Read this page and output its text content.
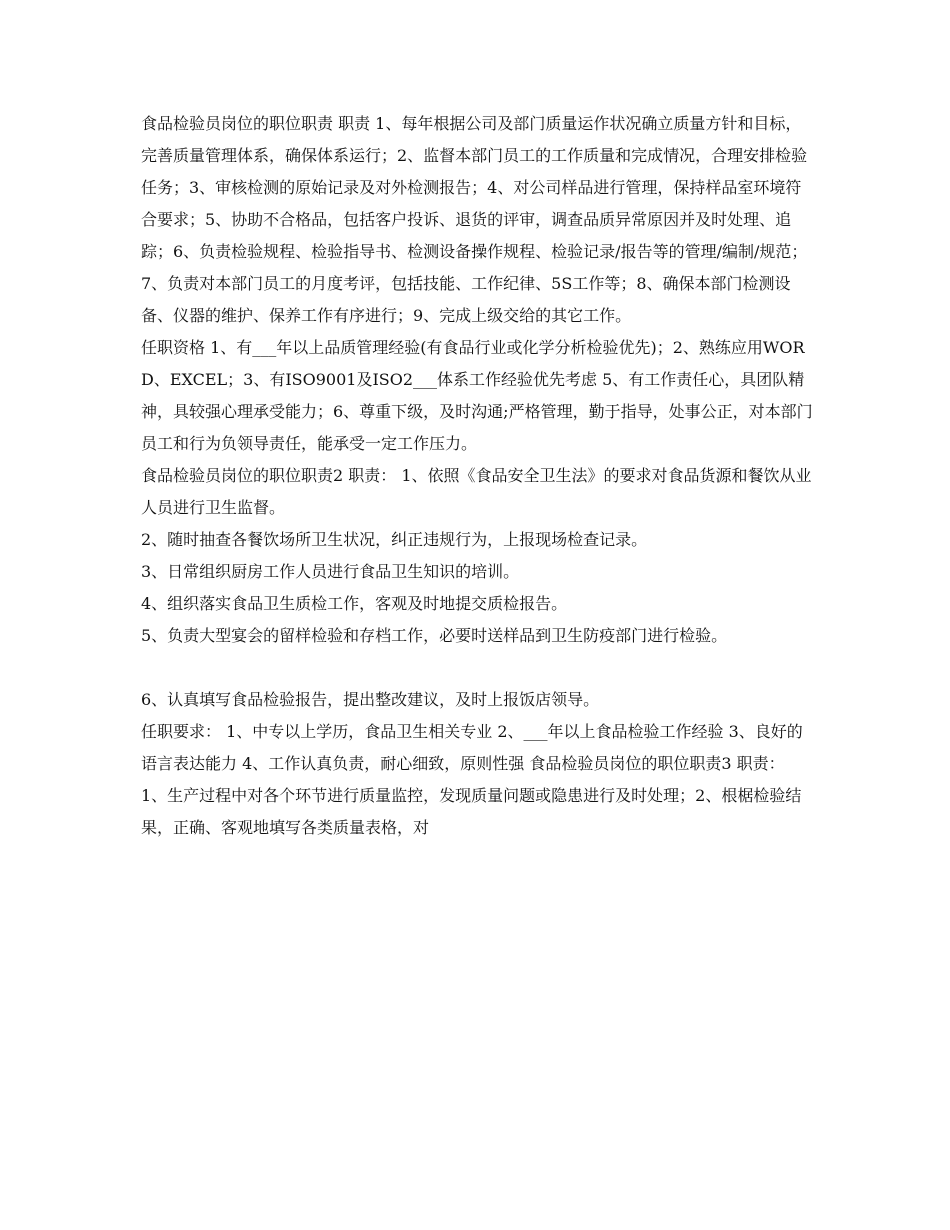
食品检验员岗位的职位职责 职责 1、每年根据公司及部门质量运作状况确立质量方针和目标，完善质量管理体系，确保体系运行；2、监督本部门员工的工作质量和完成情况，合理安排检验任务；3、审核检测的原始记录及对外检测报告；4、对公司样品进行管理，保持样品室环境符合要求；5、协助不合格品，包括客户投诉、退货的评审，调查品质异常原因并及时处理、追踪；6、负责检验规程、检验指导书、检测设备操作规程、检验记录/报告等的管理/编制/规范；7、负责对本部门员工的月度考评，包括技能、工作纪律、5S工作等；8、确保本部门检测设备、仪器的维护、保养工作有序进行；9、完成上级交给的其它工作。

任职资格 1、有___年以上品质管理经验(有食品行业或化学分析检验优先)；2、熟练应用WORD、EXCEL；3、有ISO9001及ISO2___体系工作经验优先考虑 5、有工作责任心，具团队精神，具较强心理承受能力；6、尊重下级，及时沟通;严格管理，勤于指导，处事公正，对本部门员工和行为负领导责任，能承受一定工作压力。

食品检验员岗位的职位职责2 职责： 1、依照《食品安全卫生法》的要求对食品货源和餐饮从业人员进行卫生监督。

2、随时抽查各餐饮场所卫生状况，纠正违规行为，上报现场检查记录。

3、日常组织厨房工作人员进行食品卫生知识的培训。

4、组织落实食品卫生质检工作，客观及时地提交质检报告。

5、负责大型宴会的留样检验和存档工作，必要时送样品到卫生防疫部门进行检验。

6、认真填写食品检验报告，提出整改建议，及时上报饭店领导。

任职要求： 1、中专以上学历，食品卫生相关专业 2、___年以上食品检验工作经验 3、良好的语言表达能力 4、工作认真负责，耐心细致，原则性强 食品检验员岗位的职位职责3 职责： 1、生产过程中对各个环节进行质量监控，发现质量问题或隐患进行及时处理；2、根椐检验结果，正确、客观地填写各类质量表格，对
